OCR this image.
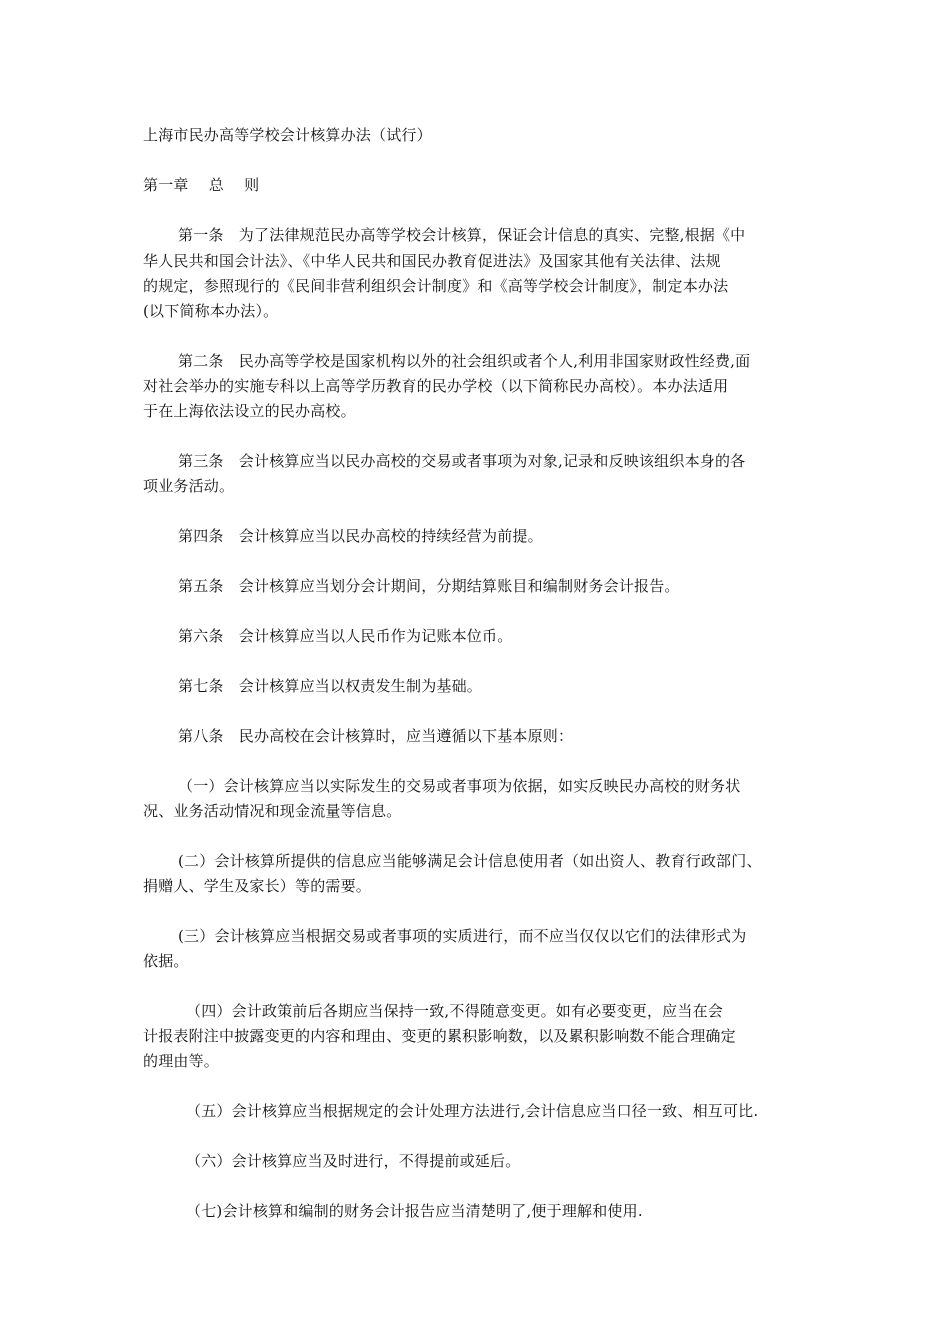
上海市民办高等学校会计核算办法（试行）
第一章　 总　 则
第一条　为了法律规范民办高等学校会计核算，保证会计信息的真实、完整,根据《中
华人民共和国会计法》、《中华人民共和国民办教育促进法》及国家其他有关法律、法规
的规定，参照现行的《民间非营利组织会计制度》和《高等学校会计制度》，制定本办法
(以下简称本办法）。
第二条　民办高等学校是国家机构以外的社会组织或者个人,利用非国家财政性经费,面
对社会举办的实施专科以上高等学历教育的民办学校（以下简称民办高校）。本办法适用
于在上海依法设立的民办高校。
第三条　会计核算应当以民办高校的交易或者事项为对象,记录和反映该组织本身的各
项业务活动。
第四条　会计核算应当以民办高校的持续经营为前提。
第五条　会计核算应当划分会计期间，分期结算账目和编制财务会计报告。
第六条　会计核算应当以人民币作为记账本位币。
第七条　会计核算应当以权责发生制为基础。
第八条　民办高校在会计核算时，应当遵循以下基本原则：
（一）会计核算应当以实际发生的交易或者事项为依据，如实反映民办高校的财务状
况、业务活动情况和现金流量等信息。
(二）会计核算所提供的信息应当能够满足会计信息使用者（如出资人、教育行政部门、
捐赠人、学生及家长）等的需要。
(三）会计核算应当根据交易或者事项的实质进行，而不应当仅仅以它们的法律形式为
依据。
（四）会计政策前后各期应当保持一致,不得随意变更。如有必要变更，应当在会
计报表附注中披露变更的内容和理由、变更的累积影响数，以及累积影响数不能合理确定
的理由等。
（五）会计核算应当根据规定的会计处理方法进行,会计信息应当口径一致、相互可比.
（六）会计核算应当及时进行，不得提前或延后。
（七)会计核算和编制的财务会计报告应当清楚明了,便于理解和使用.
